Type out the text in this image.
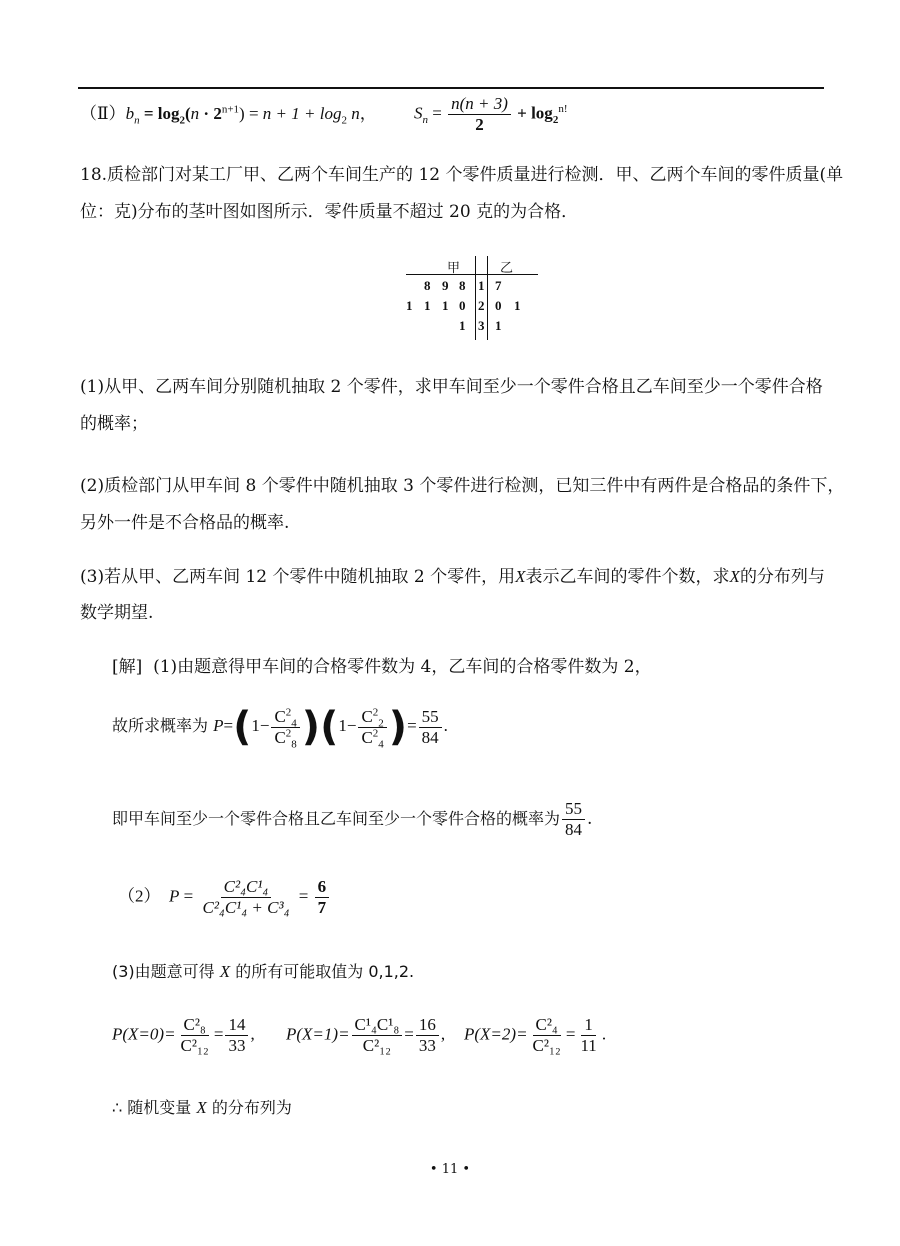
$(Ⅱ)b_n = \log_2(n \cdot 2^{n+1}) = n + 1 + \log_2 n$， $S_n = \frac{n(n + 3)}{2} + \log_2^{n!}$
18.质检部门对某工厂甲、乙两个车间生产的 12 个零件质量进行检测．甲、乙两个车间的零件质量(单
位：克)分布的茎叶图如图所示．零件质量不超过 20 克的为合格．
甲	乙
8 9 8 1 7
1 1 1 0 2 0 1
1 3 1
(1)从甲、乙两车间分别随机抽取 2 个零件，求甲车间至少一个零件合格且乙车间至少一个零件合格
的概率；
(2)质检部门从甲车间 8 个零件中随机抽取 3 个零件进行检测，已知三件中有两件是合格品的条件下，
另外一件是不合格品的概率.
(3)若从甲、乙两车间 12 个零件中随机抽取 2 个零件，用X表示乙车间的零件个数，求X的分布列与
数学期望.
[解] (1)由题意得甲车间的合格零件数为 4，乙车间的合格零件数为 2，
故所求概率为 $P=(1- \frac{C^2_4}{C^2_8} )(1- \frac{C^2_2}{C^2_4}$ )= $\frac{55}{84}$ .
即甲车间至少一个零件合格且乙车间至少一个零件合格的概率为 $\frac{55}{84}$ .
（2） $P = \frac{\text{C²₄C¹₄}}{\text{C²₄C¹₄ + C³₄}} = \frac{6}{7}$
(3)由题意可得 X 的所有可能取值为 0,1,2.
$P(X=0)= \frac{\text{C²₈}}{\text{C²₁₂}} = \frac{14}{33}$ , $P(X=1)= \frac{\text{C¹₄C¹₈}}{\text{C²₁₂}} = \frac{16}{33}$ , $P(X=2)= \frac{\text{C²₄}}{\text{C²₁₂}} = \frac{1}{11}$ .
∴ 随机变量 X 的分布列为
• 11 •
